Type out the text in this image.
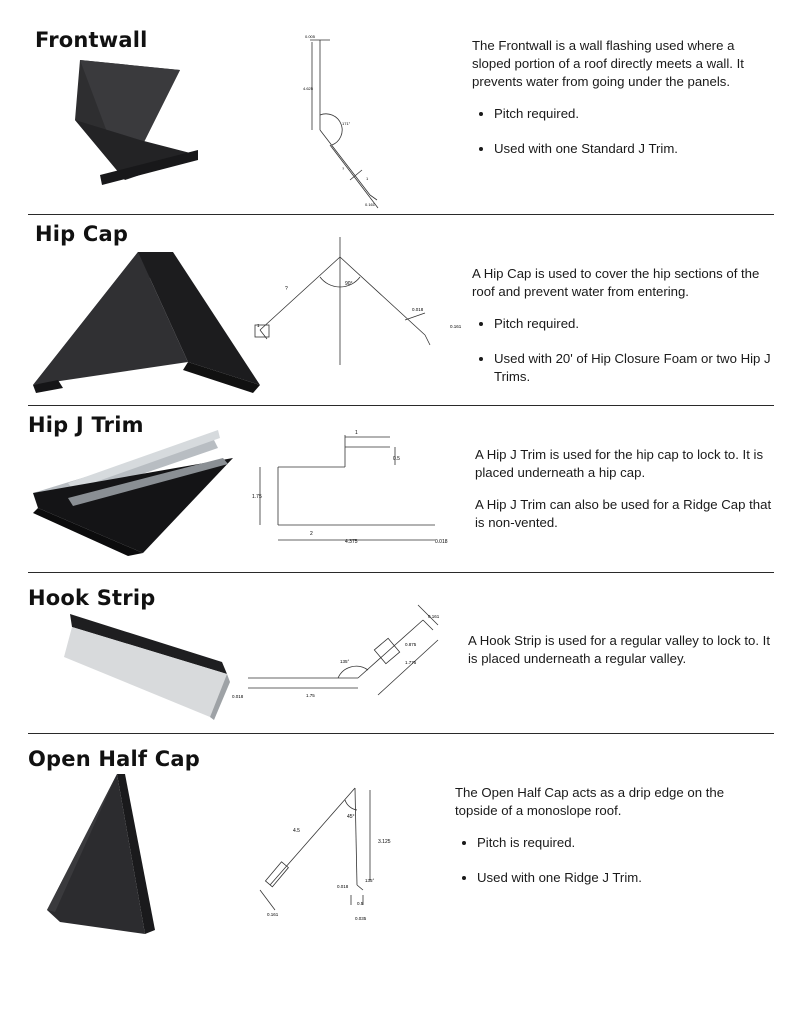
Frontwall	0.005
4.625
171°
?
1
0.161

The Frontwall is a wall flashing used where a sloped portion of a roof directly meets a wall. It prevents water from going under the panels.

• Pitch required.
• Used with one Standard J Trim.
Hip Cap
?
90°
0.018
0.161
1

A Hip Cap is used to cover the hip sections of the roof and prevent water from entering.

• Pitch required.
• Used with 20' of Hip Closure Foam or two Hip J Trims.
Hip J Trim	1
0.5
1.75
2
4.375	0.018

A Hip J Trim is used for the hip cap to lock to. It is placed underneath a hip cap.

A Hip J Trim can also be used for a Ridge Cap that is non-vented.

Hook Strip
0.161
0.875
1.775
135°
0.018	1.75

A Hook Strip is used for a regular valley to lock to. It is placed underneath a regular valley.

Open Half Cap
4.5
45°
3.125
0.018
135°
0.5
0.035
0.161

The Open Half Cap acts as a drip edge on the topside of a monoslope roof.

• Pitch is required.
• Used with one Ridge J Trim.
